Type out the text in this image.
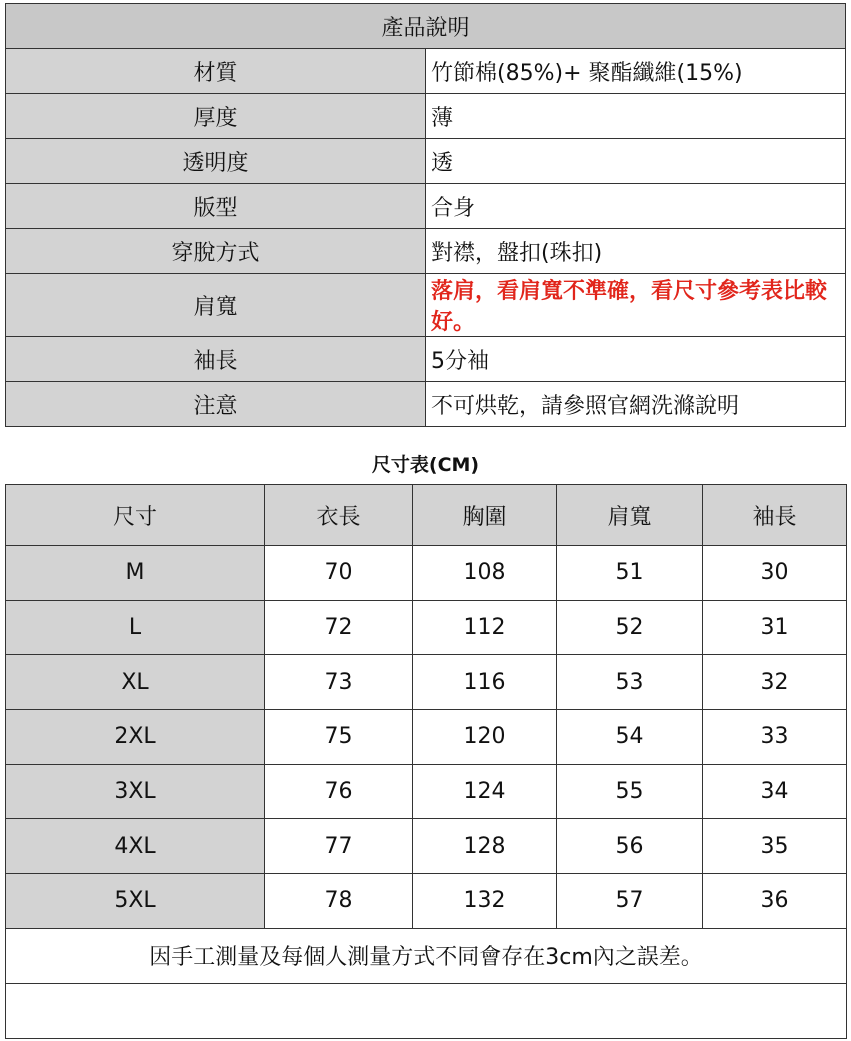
產品說明	
材質	竹節棉(85%)+ 聚酯纖維(15%)
厚度	薄
透明度	透
版型	合身
穿脫方式	對襟，盤扣(珠扣)
肩寬	落肩，看肩寬不準確，看尺寸參考表比較好。
袖長	5分袖
注意	不可烘乾，請參照官網洗滌說明
尺寸表(CM)
尺寸	衣長	胸圍	肩寬	袖長
M	70	108	51	30
L	72	112	52	31
XL	73	116	53	32
2XL	75	120	54	33
3XL	76	124	55	34
4XL	77	128	56	35
5XL	78	132	57	36
因手工測量及每個人測量方式不同會存在3cm內之誤差。				
